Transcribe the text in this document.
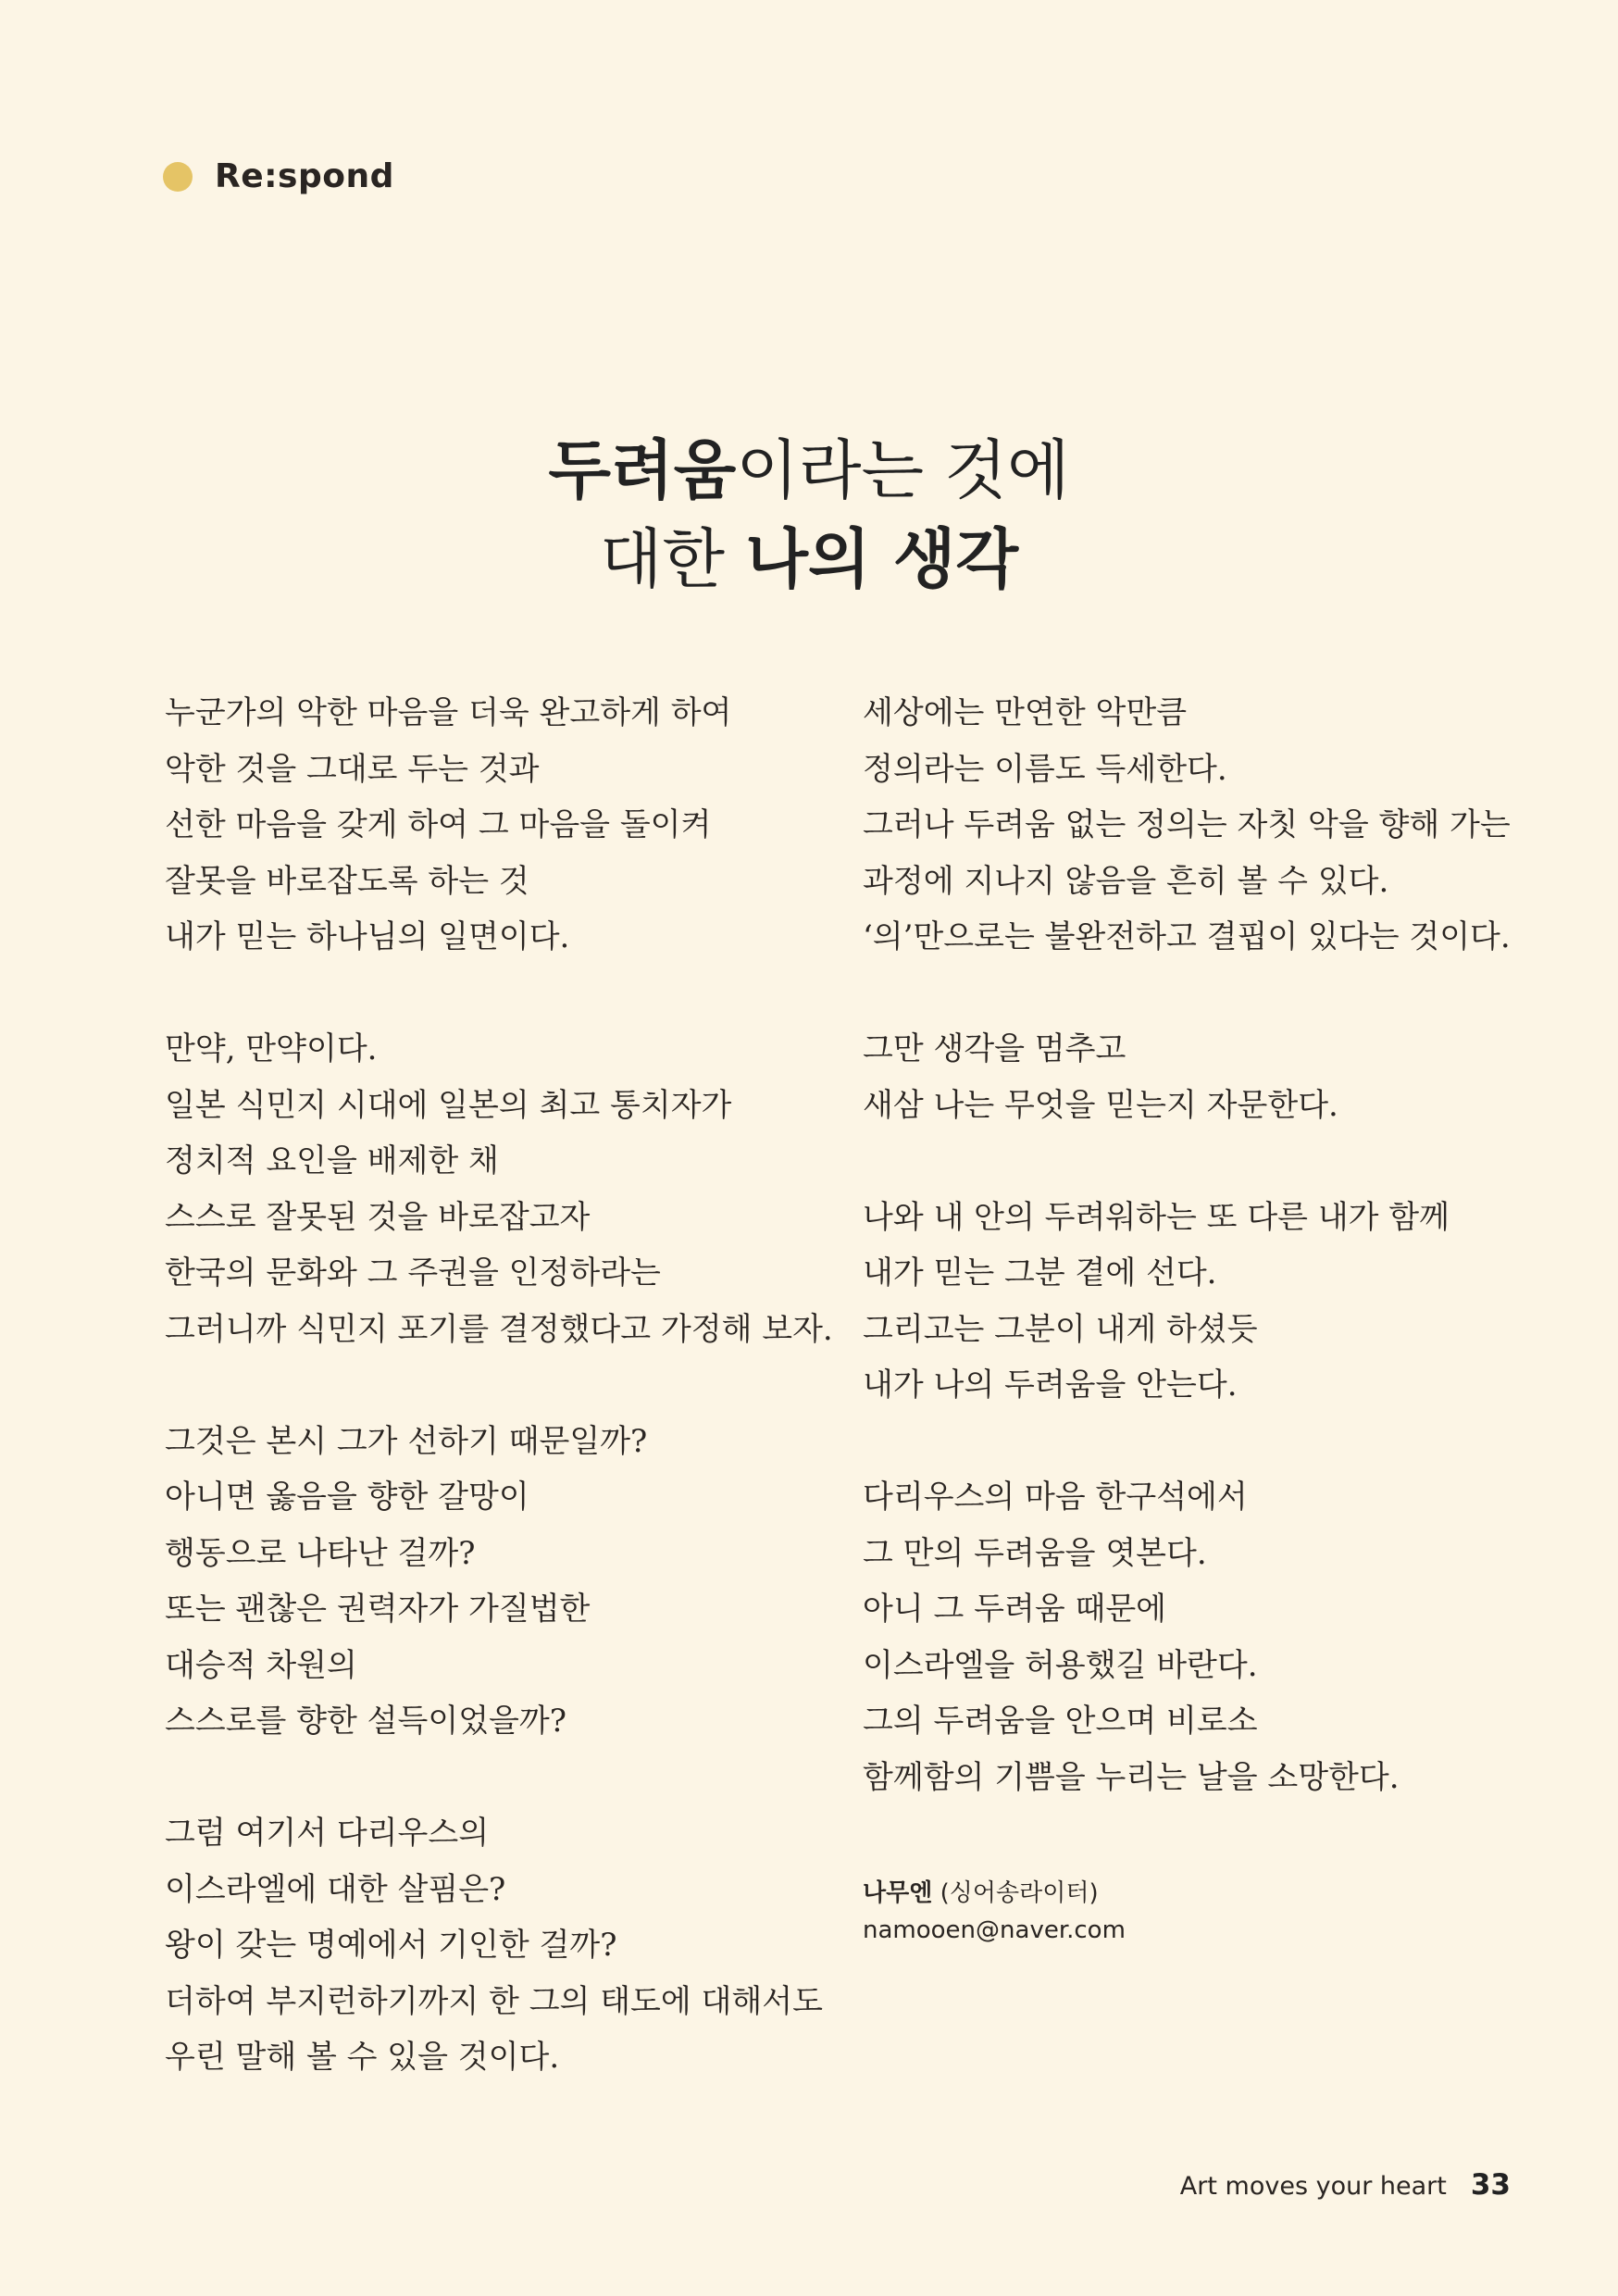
Re:spond
두려움이라는 것에
대한 나의 생각
누군가의 악한 마음을 더욱 완고하게 하여
악한 것을 그대로 두는 것과
선한 마음을 갖게 하여 그 마음을 돌이켜
잘못을 바로잡도록 하는 것
내가 믿는 하나님의 일면이다.
만약, 만약이다.
일본 식민지 시대에 일본의 최고 통치자가
정치적 요인을 배제한 채
스스로 잘못된 것을 바로잡고자
한국의 문화와 그 주권을 인정하라는
그러니까 식민지 포기를 결정했다고 가정해 보자.
그것은 본시 그가 선하기 때문일까?
아니면 옳음을 향한 갈망이
행동으로 나타난 걸까?
또는 괜찮은 권력자가 가질법한
대승적 차원의
스스로를 향한 설득이었을까?
그럼 여기서 다리우스의
이스라엘에 대한 살핌은?
왕이 갖는 명예에서 기인한 걸까?
더하여 부지런하기까지 한 그의 태도에 대해서도
우린 말해 볼 수 있을 것이다.
세상에는 만연한 악만큼
정의라는 이름도 득세한다.
그러나 두려움 없는 정의는 자칫 악을 향해 가는
과정에 지나지 않음을 흔히 볼 수 있다.
‘의’만으로는 불완전하고 결핍이 있다는 것이다.
그만 생각을 멈추고
새삼 나는 무엇을 믿는지 자문한다.
나와 내 안의 두려워하는 또 다른 내가 함께
내가 믿는 그분 곁에 선다.
그리고는 그분이 내게 하셨듯
내가 나의 두려움을 안는다.
다리우스의 마음 한구석에서
그 만의 두려움을 엿본다.
아니 그 두려움 때문에
이스라엘을 허용했길 바란다.
그의 두려움을 안으며 비로소
함께함의 기쁨을 누리는 날을 소망한다.
나무엔 (싱어송라이터)
namooen@naver.com
Art moves your heart 33
